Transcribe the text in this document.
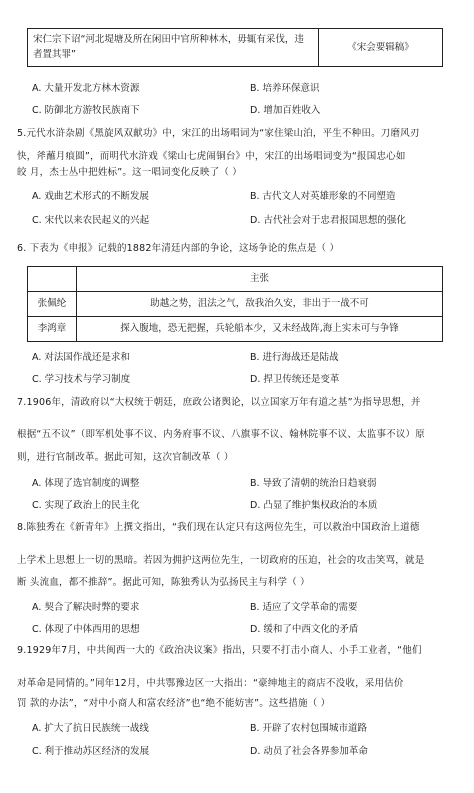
宋仁宗下诏“河北堤塘及所在闲田中官所种林木，毋辄有采伐，违者置其罪”	《宋会要辑稿》
A. 大量开发北方林木资源	B. 培养环保意识
C. 防御北方游牧民族南下	D. 增加百姓收入
5.元代水浒杂剧《黑旋风双献功》中，宋江的出场唱词为“家住梁山泊，平生不种田。刀磨风刃
快，斧蘸月痕圆”，而明代水浒戏《梁山七虎闹铜台》中，宋江的出场唱词变为“报国忠心如
皎 月，杰士丛中把姓标”。这一唱词变化反映了（ ）
A. 戏曲艺术形式的不断发展	B. 古代文人对英雄形象的不同塑造
C. 宋代以来农民起义的兴起	D. 古代社会对于忠君报国思想的强化
6. 下表为《申报》记载的1882年清廷内部的争论，这场争论的焦点是（ ）
	主张
张佩纶	助越之势，沮法之气，敌我治久安，非出于一战不可
李鸿章	探入腹地，恐无把握，兵轮船本少，又未经战阵,海上实未可与争锋
A. 对法国作战还是求和	B. 进行海战还是陆战
C. 学习技术与学习制度	D. 捍卫传统还是变革
7.1906年，清政府以“大权统于朝廷，庶政公诸舆论，以立国家万年有道之基”为指导思想，并
根据“五不议”（即军机处事不议、内务府事不议、八旗事不议、翰林院事不议、太监事不议）原
则，进行官制改革。据此可知，这次官制改革（ ）
A. 体现了选官制度的调整	B. 导致了清朝的统治日趋衰弱
C. 实现了政治上的民主化	D. 凸显了维护集权政治的本质
8.陈独秀在《新青年》上撰文指出，“我们现在认定只有这两位先生，可以救治中国政治上道德
上学术上思想上一切的黑暗。若因为拥护这两位先生，一切政府的压迫，社会的攻击笑骂，就是
断 头流血，都不推辞”。据此可知，陈独秀认为弘扬民主与科学（ ）
A. 契合了解决时弊的要求	B. 适应了文学革命的需要
C. 体现了中体西用的思想	D. 缓和了中西文化的矛盾
9.1929年7月，中共闽西一大的《政治决议案》指出，只要不打击小商人、小手工业者，“他们
对革命是同情的。”同年12月，中共鄂豫边区一大指出：“豪绅地主的商店不没收，采用估价
罚 款的办法”，“对中小商人和富农经济”也“绝不能妨害”。这些措施（ ）
A. 扩大了抗日民族统一战线	B. 开辟了农村包围城市道路
C. 利于推动苏区经济的发展	D. 动员了社会各界参加革命
